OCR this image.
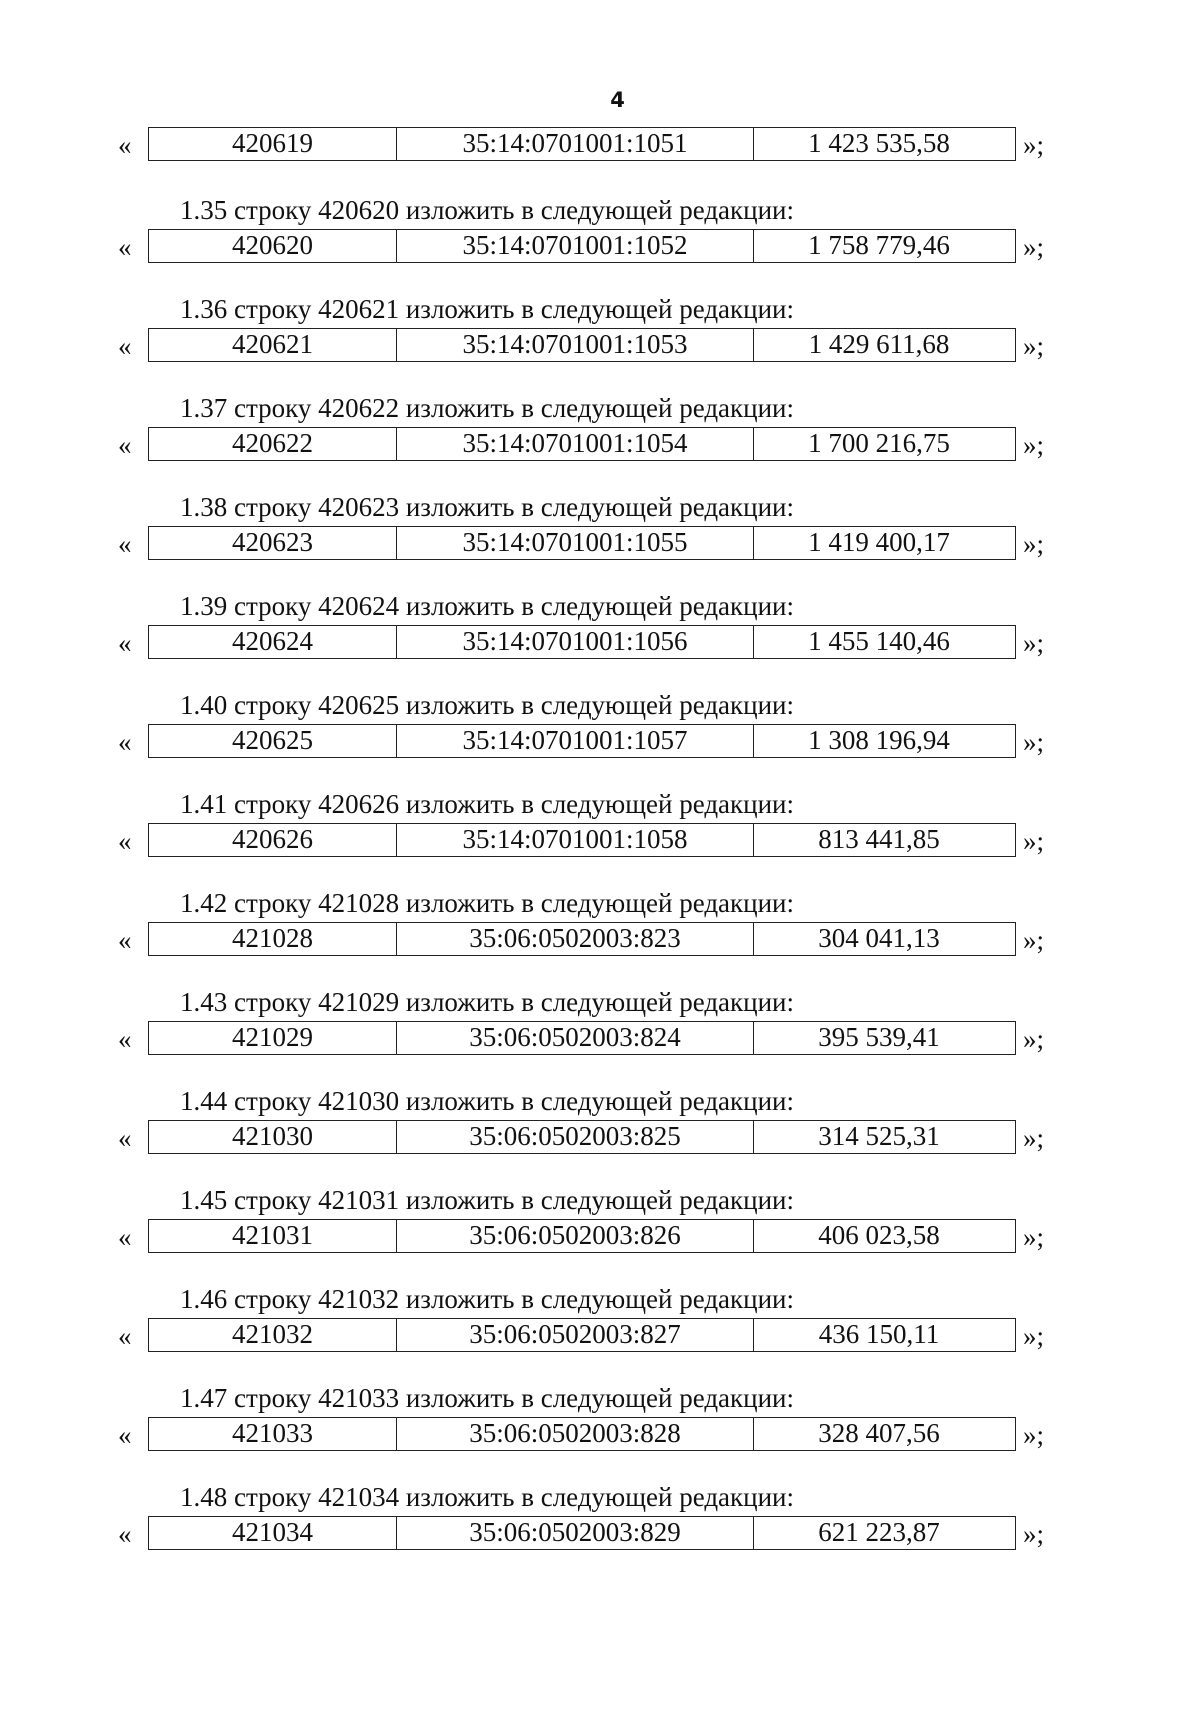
4
«	420619	35:14:0701001:1051	1 423 535,58	»;
1.35 строку 420620 изложить в следующей редакции:
«	420620	35:14:0701001:1052	1 758 779,46	»;
1.36 строку 420621 изложить в следующей редакции:
«	420621	35:14:0701001:1053	1 429 611,68	»;
1.37 строку 420622 изложить в следующей редакции:
«	420622	35:14:0701001:1054	1 700 216,75	»;
1.38 строку 420623 изложить в следующей редакции:
«	420623	35:14:0701001:1055	1 419 400,17	»;
1.39 строку 420624 изложить в следующей редакции:
«	420624	35:14:0701001:1056	1 455 140,46	»;
1.40 строку 420625 изложить в следующей редакции:
«	420625	35:14:0701001:1057	1 308 196,94	»;
1.41 строку 420626 изложить в следующей редакции:
«	420626	35:14:0701001:1058	813 441,85	»;
1.42 строку 421028 изложить в следующей редакции:
«	421028	35:06:0502003:823	304 041,13	»;
1.43 строку 421029 изложить в следующей редакции:
«	421029	35:06:0502003:824	395 539,41	»;
1.44 строку 421030 изложить в следующей редакции:
«	421030	35:06:0502003:825	314 525,31	»;
1.45 строку 421031 изложить в следующей редакции:
«	421031	35:06:0502003:826	406 023,58	»;
1.46 строку 421032 изложить в следующей редакции:
«	421032	35:06:0502003:827	436 150,11	»;
1.47 строку 421033 изложить в следующей редакции:
«	421033	35:06:0502003:828	328 407,56	»;
1.48 строку 421034 изложить в следующей редакции:
«	421034	35:06:0502003:829	621 223,87	»;
